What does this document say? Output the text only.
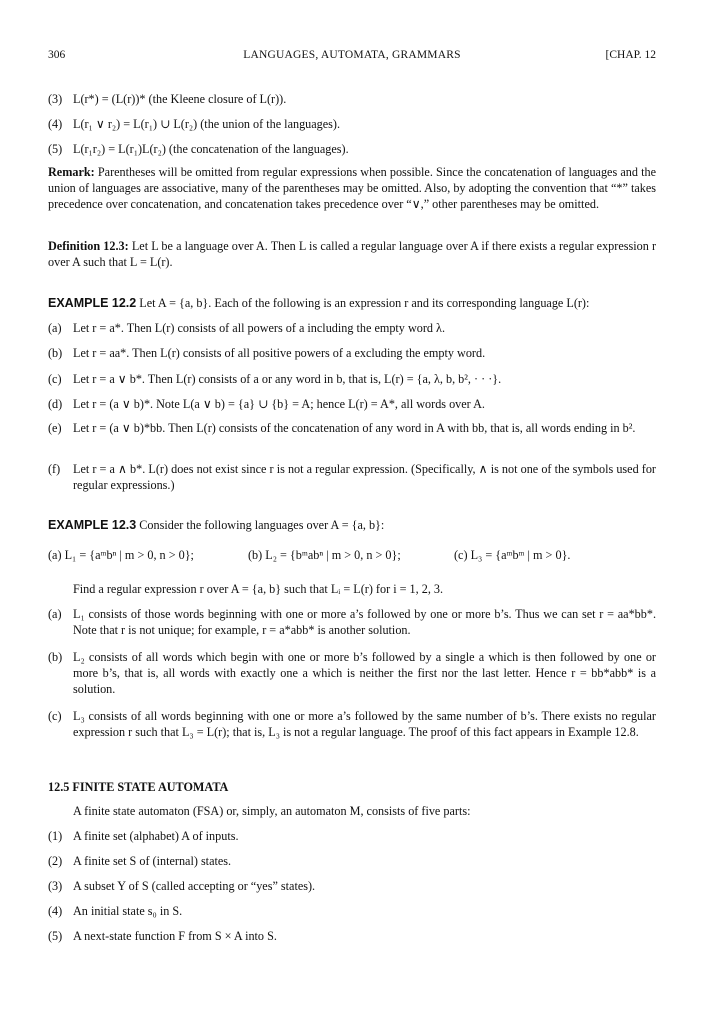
306	LANGUAGES, AUTOMATA, GRAMMARS	[CHAP. 12
(3) L(r*) = (L(r))* (the Kleene closure of L(r)).
(4) L(r₁ ∨ r₂) = L(r₁) ∪ L(r₂) (the union of the languages).
(5) L(r₁r₂) = L(r₁)L(r₂) (the concatenation of the languages).
Remark: Parentheses will be omitted from regular expressions when possible. Since the concatenation of languages and the union of languages are associative, many of the parentheses may be omitted. Also, by adopting the convention that “*” takes precedence over concatenation, and concatenation takes precedence over “∨,” other parentheses may be omitted.
Definition 12.3: Let L be a language over A. Then L is called a regular language over A if there exists a regular expression r over A such that L = L(r).
EXAMPLE 12.2 Let A = {a, b}. Each of the following is an expression r and its corresponding language L(r):
(a) Let r = a*. Then L(r) consists of all powers of a including the empty word λ.
(b) Let r = aa*. Then L(r) consists of all positive powers of a excluding the empty word.
(c) Let r = a ∨ b*. Then L(r) consists of a or any word in b, that is, L(r) = {a, λ, b, b², · · ·}.
(d) Let r = (a ∨ b)*. Note L(a ∨ b) = {a} ∪ {b} = A; hence L(r) = A*, all words over A.
(e) Let r = (a ∨ b)*bb. Then L(r) consists of the concatenation of any word in A with bb, that is, all words ending in b².
(f) Let r = a ∧ b*. L(r) does not exist since r is not a regular expression. (Specifically, ∧ is not one of the symbols used for regular expressions.)
EXAMPLE 12.3 Consider the following languages over A = {a, b}:
(a) L₁ = {aᵐbⁿ | m > 0, n > 0};	(b) L₂ = {bᵐabⁿ | m > 0, n > 0};	(c) L₃ = {aᵐbᵐ | m > 0}.
Find a regular expression r over A = {a, b} such that Lᵢ = L(r) for i = 1, 2, 3.
(a) L₁ consists of those words beginning with one or more a’s followed by one or more b’s. Thus we can set r = aa*bb*. Note that r is not unique; for example, r = a*abb* is another solution.
(b) L₂ consists of all words which begin with one or more b’s followed by a single a which is then followed by one or more b’s, that is, all words with exactly one a which is neither the first nor the last letter. Hence r = bb*abb* is a solution.
(c) L₃ consists of all words beginning with one or more a’s followed by the same number of b’s. There exists no regular expression r such that L₃ = L(r); that is, L₃ is not a regular language. The proof of this fact appears in Example 12.8.
12.5 FINITE STATE AUTOMATA
A finite state automaton (FSA) or, simply, an automaton M, consists of five parts:
(1) A finite set (alphabet) A of inputs.
(2) A finite set S of (internal) states.
(3) A subset Y of S (called accepting or “yes” states).
(4) An initial state s₀ in S.
(5) A next-state function F from S × A into S.
